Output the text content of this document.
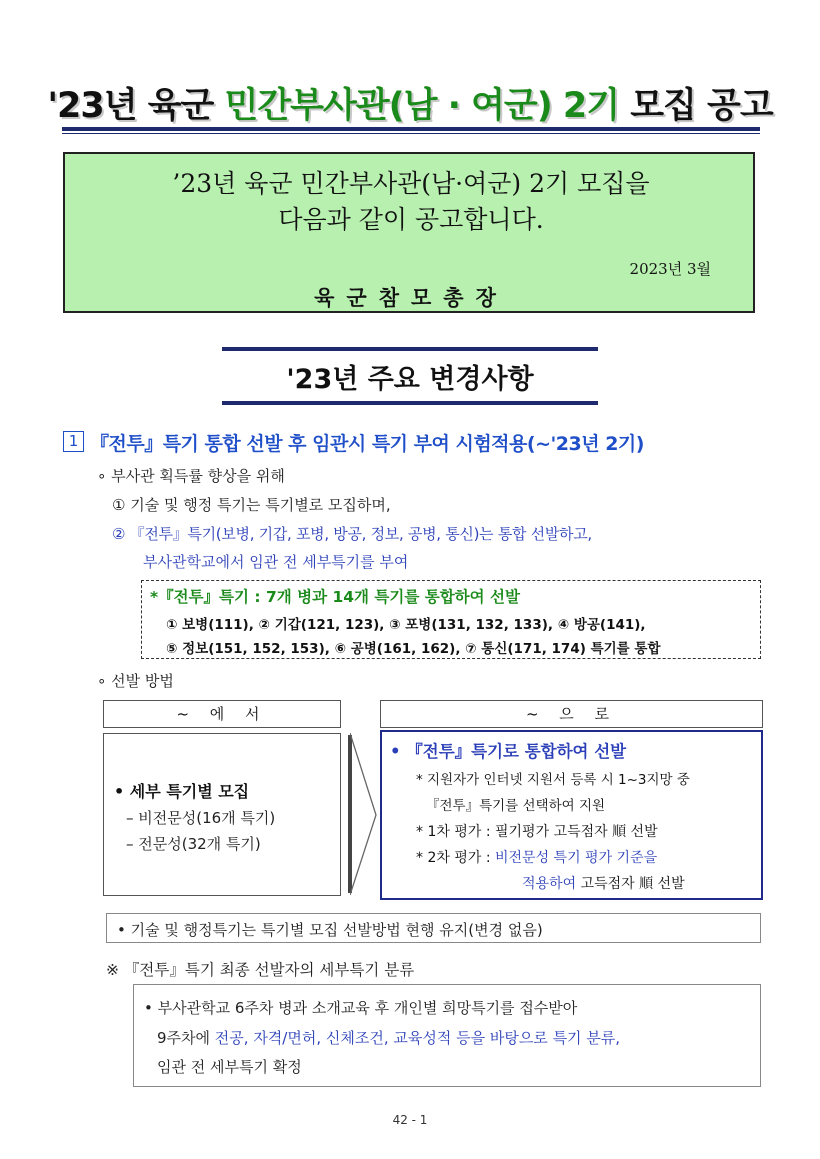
'23년 육군 민간부사관(남 · 여군) 2기 모집 공고
’23년 육군 민간부사관(남·여군) 2기 모집을
다음과 같이 공고합니다.
2023년 3월
육군참모총장
'23년 주요 변경사항
1 『전투』특기 통합 선발 후 임관시 특기 부여 시험적용(~'23년 2기)
∘ 부사관 획득률 향상을 위해
① 기술 및 행정 특기는 특기별로 모집하며,
② 『전투』특기(보병, 기갑, 포병, 방공, 정보, 공병, 통신)는 통합 선발하고,
부사관학교에서 임관 전 세부특기를 부여
*『전투』특기 : 7개 병과 14개 특기를 통합하여 선발
① 보병(111), ② 기갑(121, 123), ③ 포병(131, 132, 133), ④ 방공(141),
⑤ 정보(151, 152, 153), ⑥ 공병(161, 162), ⑦ 통신(171, 174) 특기를 통합
∘ 선발 방법
~ 에 서	~ 으 로
• 세부 특기별 모집
– 비전문성(16개 특기)
– 전문성(32개 특기)
• 『전투』특기로 통합하여 선발
* 지원자가 인터넷 지원서 등록 시 1~3지망 중
『전투』특기를 선택하여 지원
* 1차 평가 : 필기평가 고득점자 順 선발
* 2차 평가 : 비전문성 특기 평가 기준을
적용하여 고득점자 順 선발
• 기술 및 행정특기는 특기별 모집 선발방법 현행 유지(변경 없음)
※ 『전투』특기 최종 선발자의 세부특기 분류
• 부사관학교 6주차 병과 소개교육 후 개인별 희망특기를 접수받아
9주차에 전공, 자격/면허, 신체조건, 교육성적 등을 바탕으로 특기 분류,
임관 전 세부특기 확정
42 - 1
